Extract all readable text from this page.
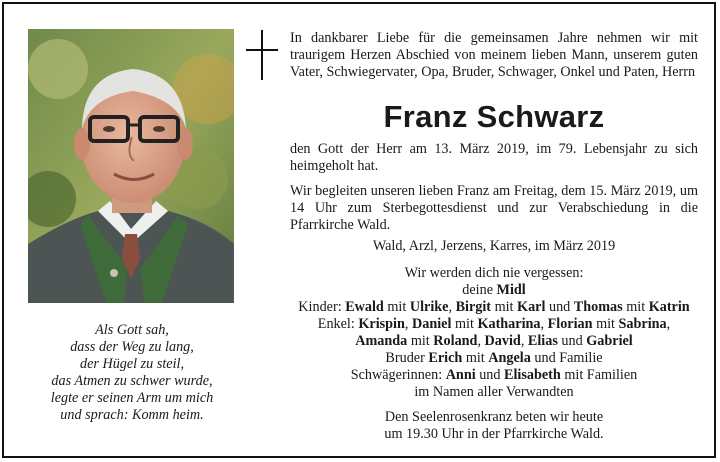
Als Gott sah,
dass der Weg zu lang,
der Hügel zu steil,
das Atmen zu schwer wurde,
legte er seinen Arm um mich
und sprach: Komm heim.
In dankbarer Liebe für die gemeinsamen Jahre nehmen wir mit traurigem Herzen Abschied von meinem lieben Mann, unserem guten Vater, Schwiegervater, Opa, Bruder, Schwager, Onkel und Paten, Herrn
Franz Schwarz
den Gott der Herr am 13. März 2019, im 79. Lebensjahr zu sich heimgeholt hat.
Wir begleiten unseren lieben Franz am Freitag, dem 15. März 2019, um 14 Uhr zum Sterbegottesdienst und zur Verabschiedung in die Pfarrkirche Wald.
Wald, Arzl, Jerzens, Karres, im März 2019
Wir werden dich nie vergessen:
deine Midl
Kinder: Ewald mit Ulrike, Birgit mit Karl und Thomas mit Katrin
Enkel: Krispin, Daniel mit Katharina, Florian mit Sabrina,
Amanda mit Roland, David, Elias und Gabriel
Bruder Erich mit Angela und Familie
Schwägerinnen: Anni und Elisabeth mit Familien
im Namen aller Verwandten
Den Seelenrosenkranz beten wir heute
um 19.30 Uhr in der Pfarrkirche Wald.
